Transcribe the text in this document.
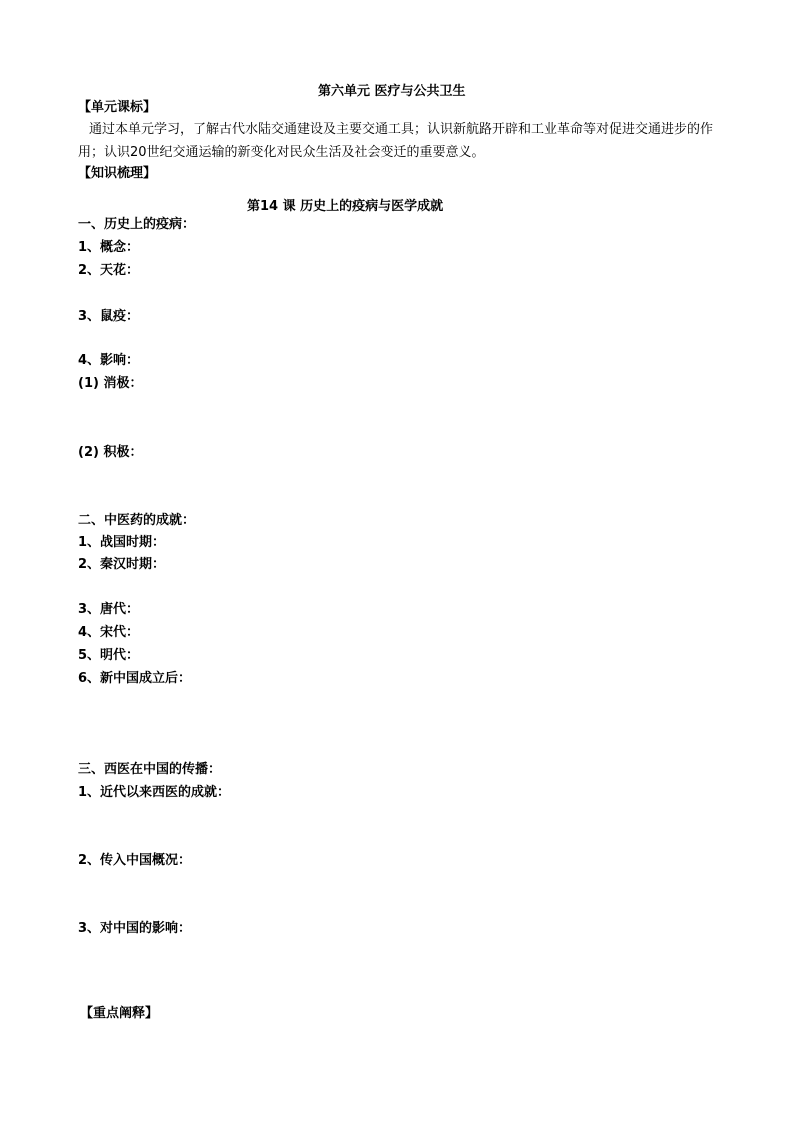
第六单元 医疗与公共卫生
【单元课标】
通过本单元学习，了解古代水陆交通建设及主要交通工具；认识新航路开辟和工业革命等对促进交通进步的作用；认识20世纪交通运输的新变化对民众生活及社会变迁的重要意义。
【知识梳理】
第14 课 历史上的疫病与医学成就
一、历史上的疫病：
1、概念：
2、天花：
3、鼠疫：
4、影响：
(1) 消极：
(2) 积极：
二、中医药的成就：
1、战国时期：
2、秦汉时期：
3、唐代：
4、宋代：
5、明代：
6、新中国成立后：
三、西医在中国的传播：
1、近代以来西医的成就：
2、传入中国概况：
3、对中国的影响：
【重点阐释】
